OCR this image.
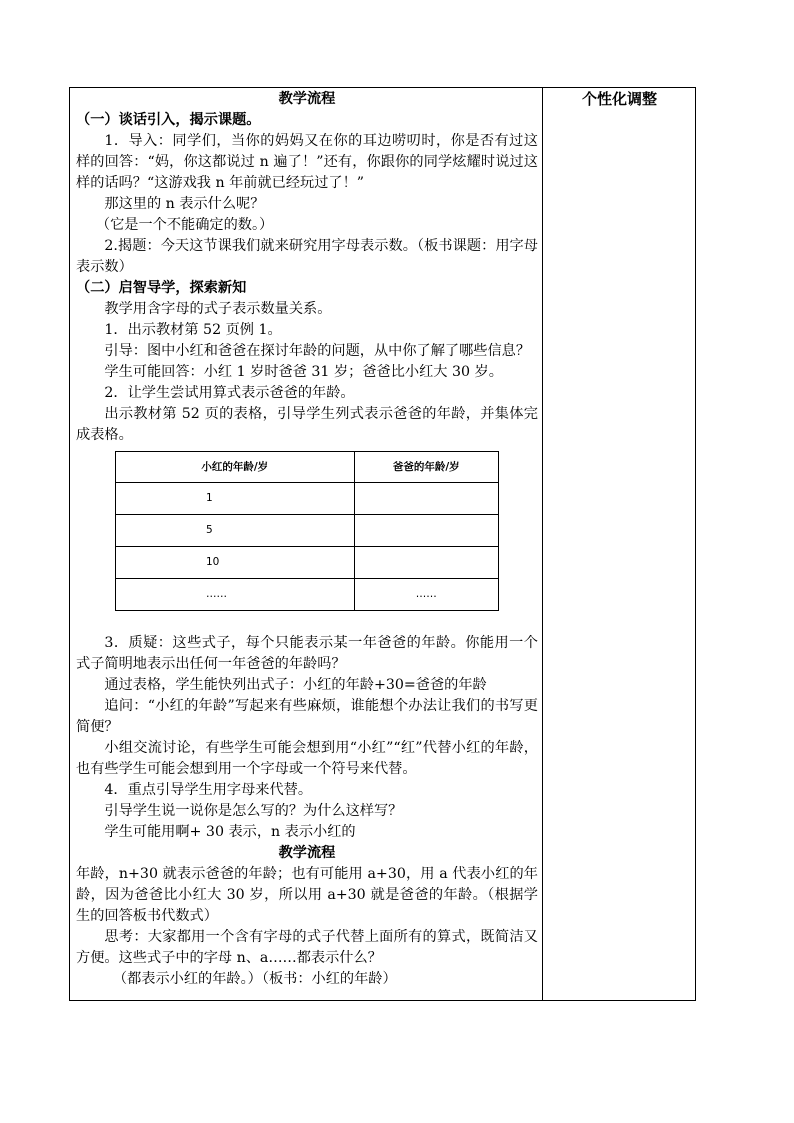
个性化调整

教学流程

（一）谈话引入，揭示课题。

1．导入：同学们，当你的妈妈又在你的耳边唠叨时，你是否有过这样的回答：“妈，你这都说过 n 遍了！”还有，你跟你的同学炫耀时说过这样的话吗？“这游戏我 n 年前就已经玩过了！”

那这里的 n 表示什么呢？

（它是一个不能确定的数。）

2.揭题：今天这节课我们就来研究用字母表示数。（板书课题：用字母表示数）

（二）启智导学，探索新知

教学用含字母的式子表示数量关系。

1．出示教材第 52 页例 1。

引导：图中小红和爸爸在探讨年龄的问题，从中你了解了哪些信息？

学生可能回答：小红 1 岁时爸爸 31 岁；爸爸比小红大 30 岁。

2．让学生尝试用算式表示爸爸的年龄。

出示教材第 52 页的表格，引导学生列式表示爸爸的年龄，并集体完成表格。

小红的年龄/岁	爸爸的年龄/岁
1	
5	
10	
……	……

3．质疑：这些式子，每个只能表示某一年爸爸的年龄。你能用一个式子简明地表示出任何一年爸爸的年龄吗？

通过表格，学生能快列出式子：小红的年龄+30=爸爸的年龄

追问：“小红的年龄”写起来有些麻烦，谁能想个办法让我们的书写更简便？

小组交流讨论，有些学生可能会想到用“小红”“红”代替小红的年龄，也有些学生可能会想到用一个字母或一个符号来代替。

4．重点引导学生用字母来代替。

引导学生说一说你是怎么写的？为什么这样写？

学生可能用啊+ 30 表示，n 表示小红的

教学流程

年龄，n+30 就表示爸爸的年龄；也有可能用 a+30，用 a 代表小红的年龄，因为爸爸比小红大 30 岁，所以用 a+30 就是爸爸的年龄。（根据学生的回答板书代数式）

思考：大家都用一个含有字母的式子代替上面所有的算式，既简洁又方便。这些式子中的字母 n、a……都表示什么？

（都表示小红的年龄。）（板书：小红的年龄）
